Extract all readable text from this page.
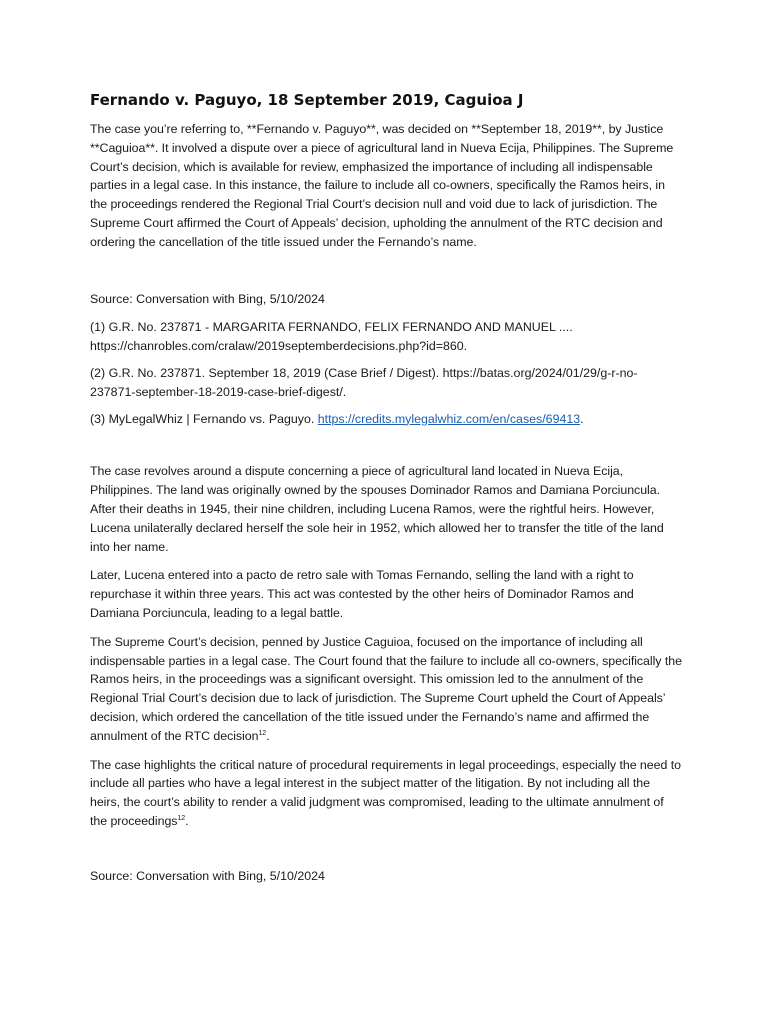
Fernando v. Paguyo, 18 September 2019, Caguioa J

The case you’re referring to, **Fernando v. Paguyo**, was decided on **September 18, 2019**, by Justice **Caguioa**. It involved a dispute over a piece of agricultural land in Nueva Ecija, Philippines. The Supreme Court’s decision, which is available for review, emphasized the importance of including all indispensable parties in a legal case. In this instance, the failure to include all co-owners, specifically the Ramos heirs, in the proceedings rendered the Regional Trial Court’s decision null and void due to lack of jurisdiction. The Supreme Court affirmed the Court of Appeals’ decision, upholding the annulment of the RTC decision and ordering the cancellation of the title issued under the Fernando’s name.

Source: Conversation with Bing, 5/10/2024

(1) G.R. No. 237871 - MARGARITA FERNANDO, FELIX FERNANDO AND MANUEL .... https://chanrobles.com/cralaw/2019septemberdecisions.php?id=860.

(2) G.R. No. 237871. September 18, 2019 (Case Brief / Digest). https://batas.org/2024/01/29/g-r-no-237871-september-18-2019-case-brief-digest/.

(3) MyLegalWhiz | Fernando vs. Paguyo. https://credits.mylegalwhiz.com/en/cases/69413.

The case revolves around a dispute concerning a piece of agricultural land located in Nueva Ecija, Philippines. The land was originally owned by the spouses Dominador Ramos and Damiana Porciuncula. After their deaths in 1945, their nine children, including Lucena Ramos, were the rightful heirs. However, Lucena unilaterally declared herself the sole heir in 1952, which allowed her to transfer the title of the land into her name.

Later, Lucena entered into a pacto de retro sale with Tomas Fernando, selling the land with a right to repurchase it within three years. This act was contested by the other heirs of Dominador Ramos and Damiana Porciuncula, leading to a legal battle.

The Supreme Court’s decision, penned by Justice Caguioa, focused on the importance of including all indispensable parties in a legal case. The Court found that the failure to include all co-owners, specifically the Ramos heirs, in the proceedings was a significant oversight. This omission led to the annulment of the Regional Trial Court’s decision due to lack of jurisdiction. The Supreme Court upheld the Court of Appeals’ decision, which ordered the cancellation of the title issued under the Fernando’s name and affirmed the annulment of the RTC decision$^{12}$.

The case highlights the critical nature of procedural requirements in legal proceedings, especially the need to include all parties who have a legal interest in the subject matter of the litigation. By not including all the heirs, the court’s ability to render a valid judgment was compromised, leading to the ultimate annulment of the proceedings$^{12}$.

Source: Conversation with Bing, 5/10/2024
